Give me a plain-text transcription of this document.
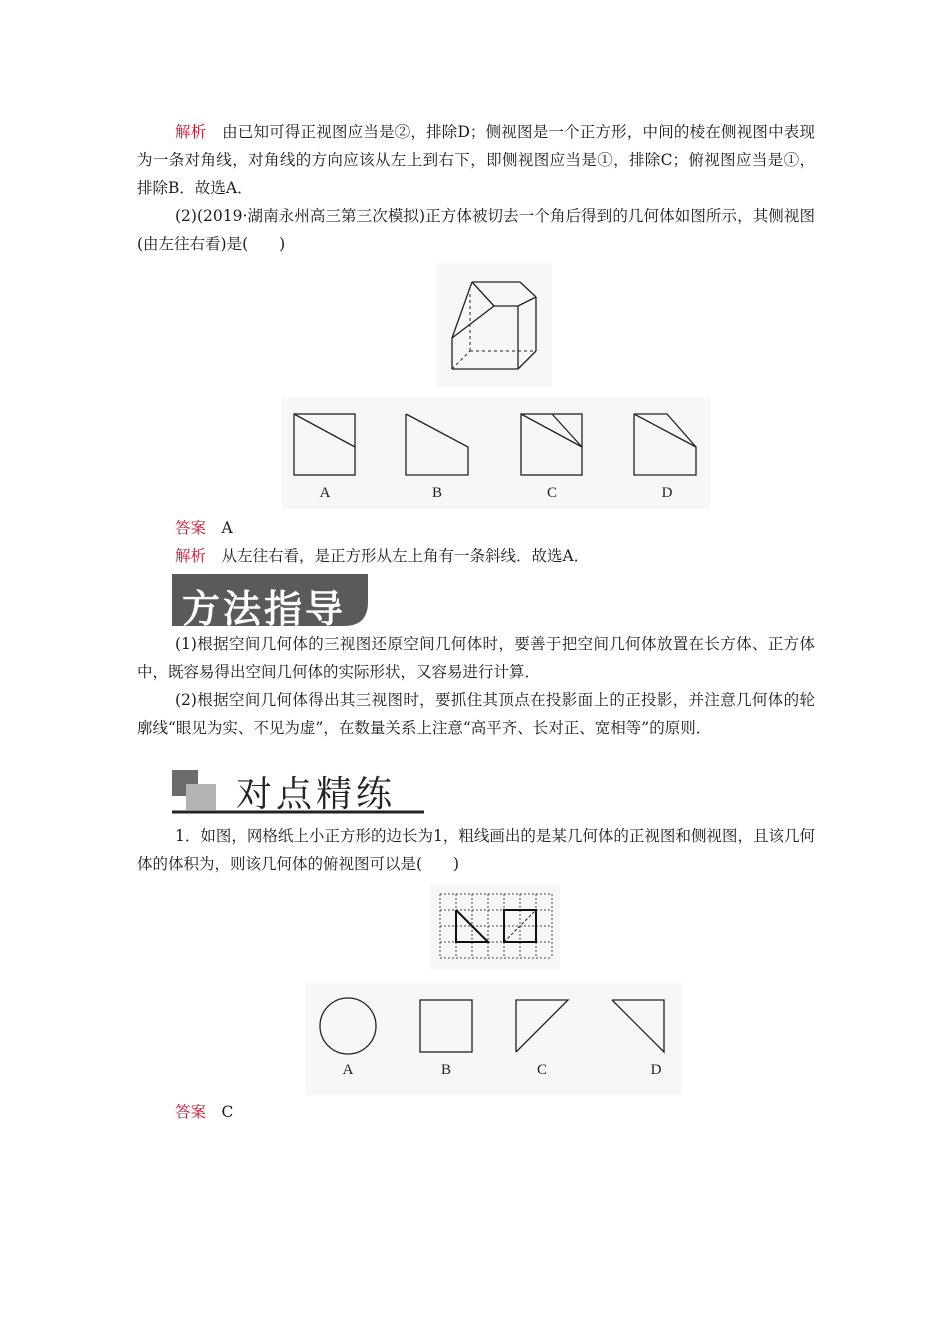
解析　 由已知可得正视图应当是②，排除D；侧视图是一个正方形，中间的棱在侧视图中表现为一条对角线，对角线的方向应该从左上到右下，即侧视图应当是①，排除C；俯视图应当是①，排除B．故选A．
(2)(2019·湖南永州高三第三次模拟)正方体被切去一个角后得到的几何体如图所示，其侧视图(由左往右看)是(　　)
A	B	C	D
答案　 A
解析　 从左往右看，是正方形从左上角有一条斜线．故选A．
方法指导
(1)根据空间几何体的三视图还原空间几何体时，要善于把空间几何体放置在长方体、正方体中，既容易得出空间几何体的实际形状，又容易进行计算．
(2)根据空间几何体得出其三视图时，要抓住其顶点在投影面上的正投影，并注意几何体的轮廓线“眼见为实、不见为虚”，在数量关系上注意“高平齐、长对正、宽相等”的原则．
对点精练
1．如图，网格纸上小正方形的边长为1，粗线画出的是某几何体的正视图和侧视图，且该几何体的体积为，则该几何体的俯视图可以是(　　)
A	B	C	D
答案　 C
